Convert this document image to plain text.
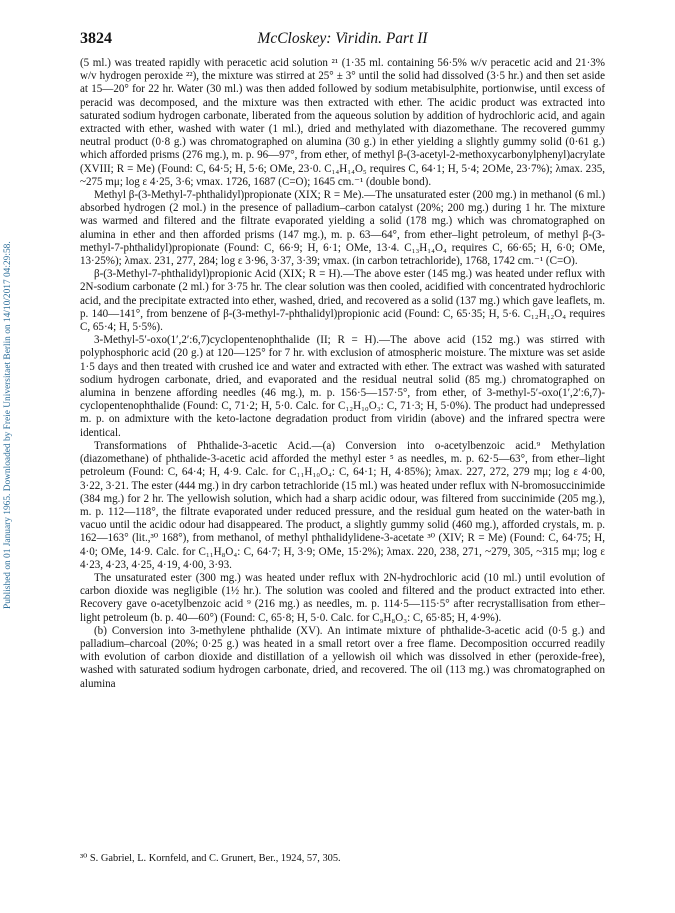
Published on 01 January 1965. Downloaded by Freie Universitaet Berlin on 14/10/2017 04:29:58.
3824	McCloskey: Viridin. Part II

(5 ml.) was treated rapidly with peracetic acid solution ²¹ (1·35 ml. containing 56·5% w/v peracetic acid and 21·3% w/v hydrogen peroxide ²²), the mixture was stirred at 25° ± 3° until the solid had dissolved (3·5 hr.) and then set aside at 15—20° for 22 hr. Water (30 ml.) was then added followed by sodium metabisulphite, portionwise, until excess of peracid was decomposed, and the mixture was then extracted with ether. The acidic product was extracted into saturated sodium hydrogen carbonate, liberated from the aqueous solution by addition of hydrochloric acid, and again extracted with ether, washed with water (1 ml.), dried and methylated with diazomethane. The recovered gummy neutral product (0·8 g.) was chromatographed on alumina (30 g.) in ether yielding a slightly gummy solid (0·61 g.) which afforded prisms (276 mg.), m. p. 96—97°, from ether, of methyl β-(3-acetyl-2-methoxycarbonylphenyl)acrylate (XVIII; R = Me) (Found: C, 64·5; H, 5·6; OMe, 23·0. C₁₄H₁₄O₅ requires C, 64·1; H, 5·4; 2OMe, 23·7%); λmax. 235, ~275 mμ; log ε 4·25, 3·6; νmax. 1726, 1687 (C=O); 1645 cm.⁻¹ (double bond).

Methyl β-(3-Methyl-7-phthalidyl)propionate (XIX; R = Me).—The unsaturated ester (200 mg.) in methanol (6 ml.) absorbed hydrogen (2 mol.) in the presence of palladium–carbon catalyst (20%; 200 mg.) during 1 hr. The mixture was warmed and filtered and the filtrate evaporated yielding a solid (178 mg.) which was chromatographed on alumina in ether and then afforded prisms (147 mg.), m. p. 63—64°, from ether–light petroleum, of methyl β-(3-methyl-7-phthalidyl)propionate (Found: C, 66·9; H, 6·1; OMe, 13·4. C₁₃H₁₄O₄ requires C, 66·65; H, 6·0; OMe, 13·25%); λmax. 231, 277, 284; log ε 3·96, 3·37, 3·39; νmax. (in carbon tetrachloride), 1768, 1742 cm.⁻¹ (C=O).

β-(3-Methyl-7-phthalidyl)propionic Acid (XIX; R = H).—The above ester (145 mg.) was heated under reflux with 2N-sodium carbonate (2 ml.) for 3·75 hr. The clear solution was then cooled, acidified with concentrated hydrochloric acid, and the precipitate extracted into ether, washed, dried, and recovered as a solid (137 mg.) which gave leaflets, m. p. 140—141°, from benzene of β-(3-methyl-7-phthalidyl)propionic acid (Found: C, 65·35; H, 5·6. C₁₂H₁₂O₄ requires C, 65·4; H, 5·5%).

3-Methyl-5′-oxo(1′,2′:6,7)cyclopentenophthalide (II; R = H).—The above acid (152 mg.) was stirred with polyphosphoric acid (20 g.) at 120—125° for 7 hr. with exclusion of atmospheric moisture. The mixture was set aside 1·5 days and then treated with crushed ice and water and extracted with ether. The extract was washed with saturated sodium hydrogen carbonate, dried, and evaporated and the residual neutral solid (85 mg.) chromatographed on alumina in benzene affording needles (46 mg.), m. p. 156·5—157·5°, from ether, of 3-methyl-5′-oxo(1′,2′:6,7)-cyclopentenophthalide (Found: C, 71·2; H, 5·0. Calc. for C₁₂H₁₀O₃: C, 71·3; H, 5·0%). The product had undepressed m. p. on admixture with the keto-lactone degradation product from viridin (above) and the infrared spectra were identical.

Transformations of Phthalide-3-acetic Acid.—(a) Conversion into o-acetylbenzoic acid.⁹ Methylation (diazomethane) of phthalide-3-acetic acid afforded the methyl ester ⁵ as needles, m. p. 62·5—63°, from ether–light petroleum (Found: C, 64·4; H, 4·9. Calc. for C₁₁H₁₀O₄: C, 64·1; H, 4·85%); λmax. 227, 272, 279 mμ; log ε 4·00, 3·22, 3·21. The ester (444 mg.) in dry carbon tetrachloride (15 ml.) was heated under reflux with N-bromosuccinimide (384 mg.) for 2 hr. The yellowish solution, which had a sharp acidic odour, was filtered from succinimide (205 mg.), m. p. 112—118°, the filtrate evaporated under reduced pressure, and the residual gum heated on the water-bath in vacuo until the acidic odour had disappeared. The product, a slightly gummy solid (460 mg.), afforded crystals, m. p. 162—163° (lit.,³⁰ 168°), from methanol, of methyl phthalidylidene-3-acetate ³⁰ (XIV; R = Me) (Found: C, 64·75; H, 4·0; OMe, 14·9. Calc. for C₁₁H₈O₄: C, 64·7; H, 3·9; OMe, 15·2%); λmax. 220, 238, 271, ~279, 305, ~315 mμ; log ε 4·23, 4·23, 4·25, 4·19, 4·00, 3·93.

The unsaturated ester (300 mg.) was heated under reflux with 2N-hydrochloric acid (10 ml.) until evolution of carbon dioxide was negligible (1½ hr.). The solution was cooled and filtered and the product extracted into ether. Recovery gave o-acetylbenzoic acid ⁹ (216 mg.) as needles, m. p. 114·5—115·5° after recrystallisation from ether–light petroleum (b. p. 40—60°) (Found: C, 65·8; H, 5·0. Calc. for C₉H₈O₃: C, 65·85; H, 4·9%).

(b) Conversion into 3-methylene phthalide (XV). An intimate mixture of phthalide-3-acetic acid (0·5 g.) and palladium–charcoal (20%; 0·25 g.) was heated in a small retort over a free flame. Decomposition occurred readily with evolution of carbon dioxide and distillation of a yellowish oil which was dissolved in ether (peroxide-free), washed with saturated sodium hydrogen carbonate, dried, and recovered. The oil (113 mg.) was chromatographed on alumina

³⁰ S. Gabriel, L. Kornfeld, and C. Grunert, Ber., 1924, 57, 305.
